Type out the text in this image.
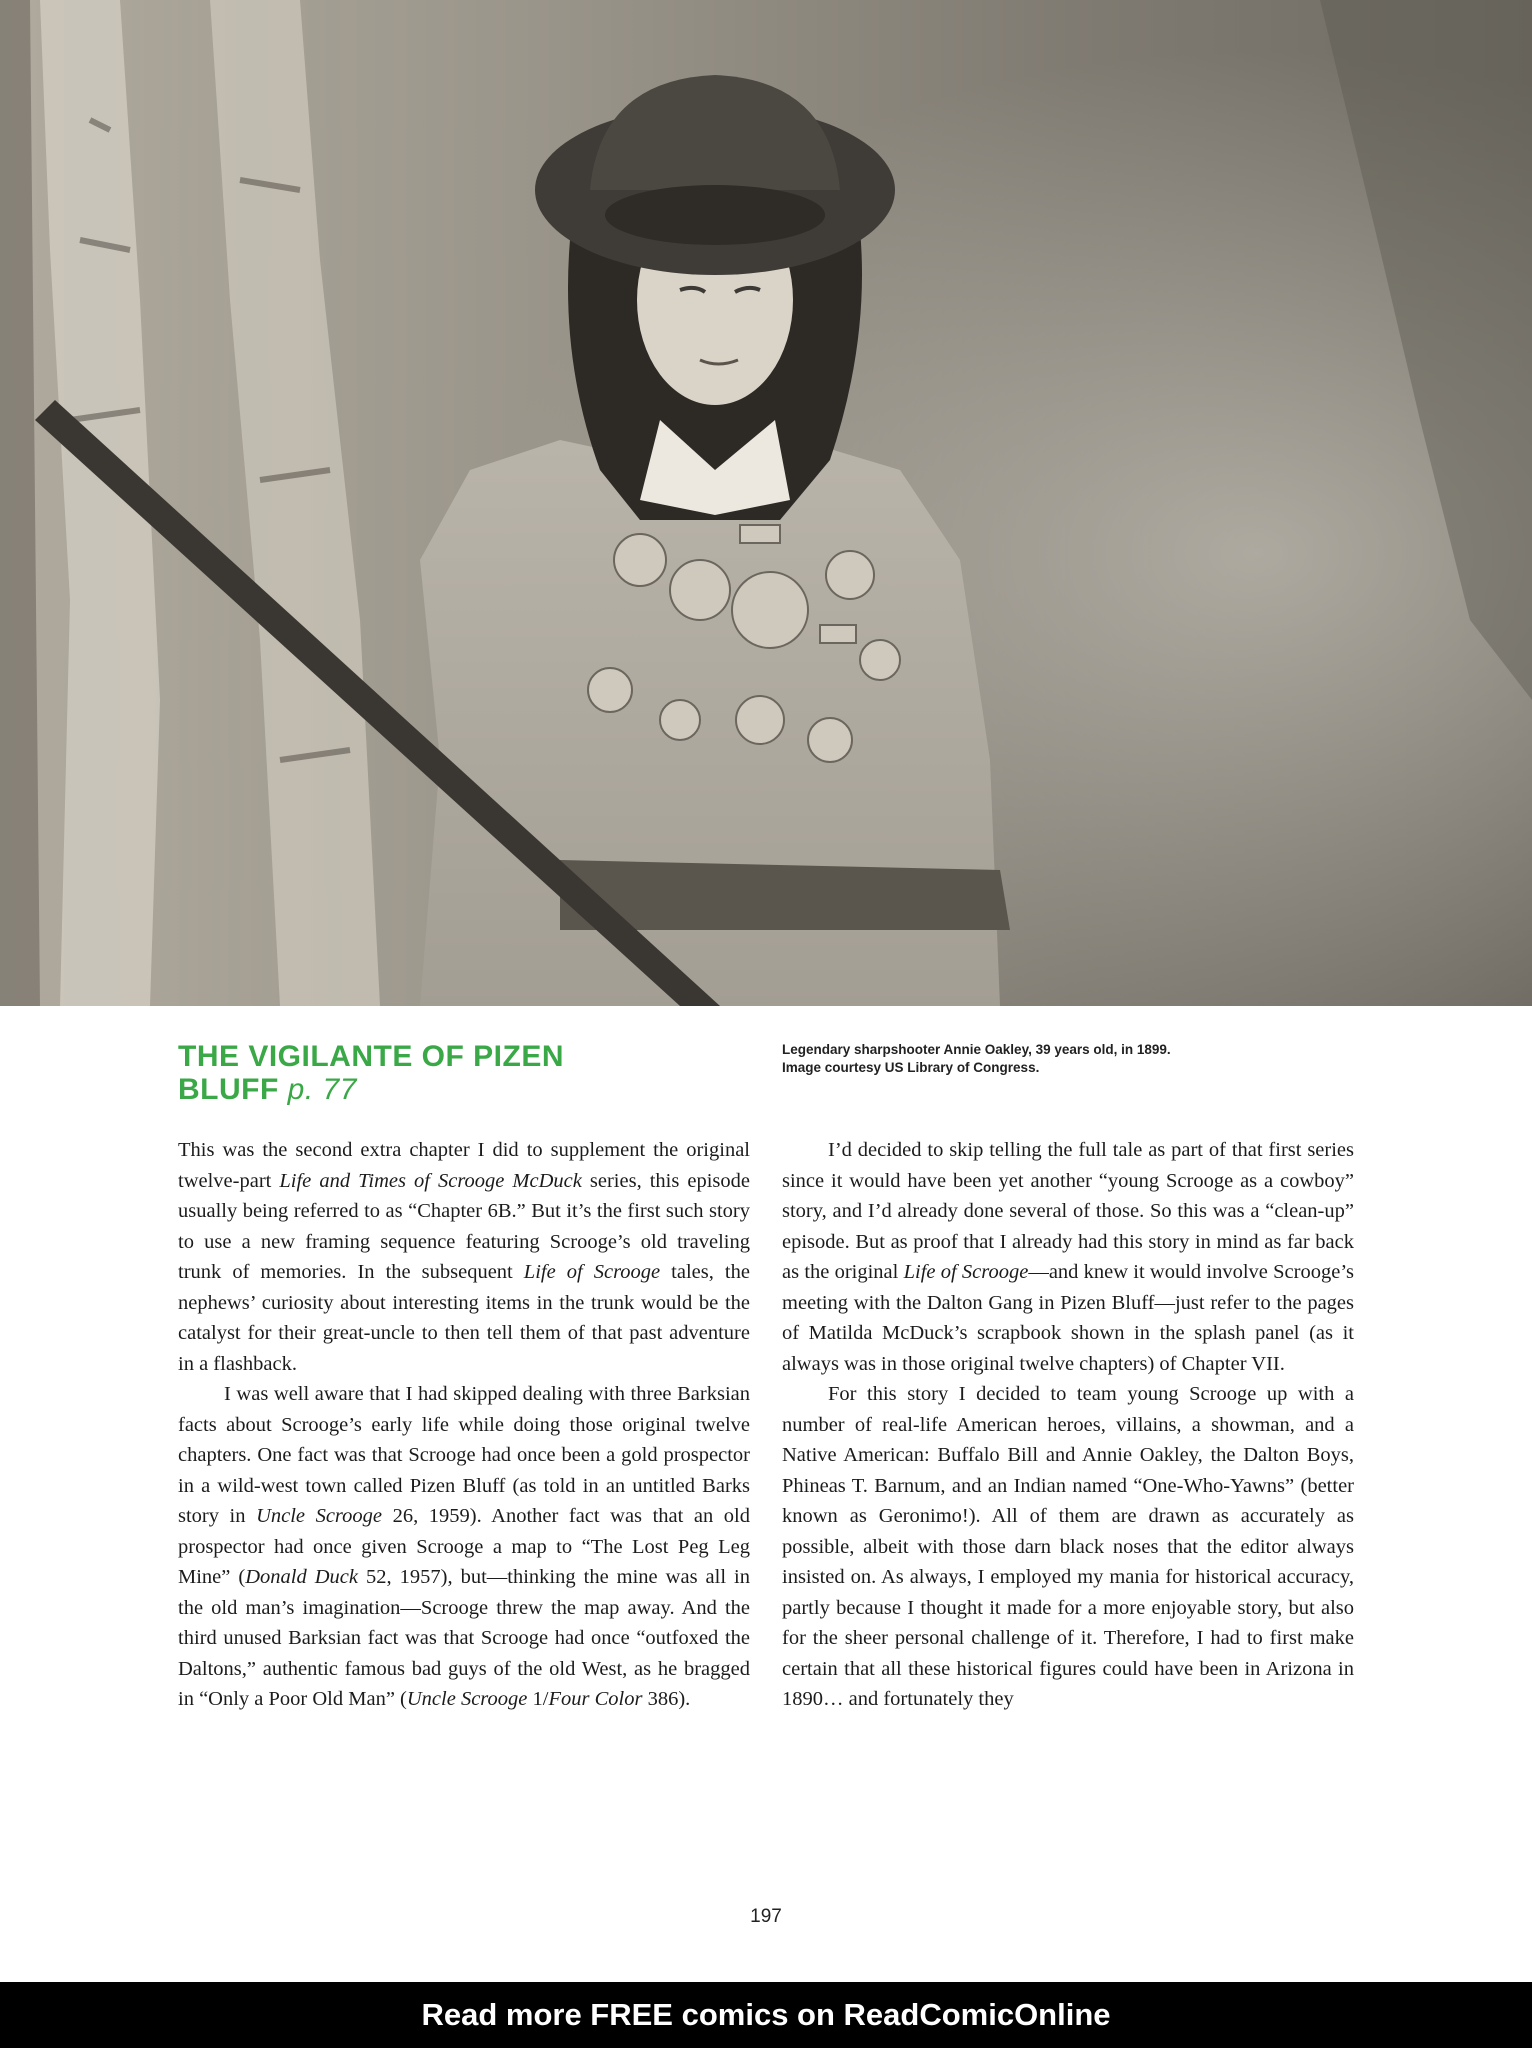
THE VIGILANTE OF PIZEN BLUFF p. 77
Legendary sharpshooter Annie Oakley, 39 years old, in 1899.
Image courtesy US Library of Congress.

This was the second extra chapter I did to supplement the original twelve-part Life and Times of Scrooge McDuck series, this episode usually being referred to as “Chapter 6B.” But it’s the first such story to use a new framing sequence featuring Scrooge’s old traveling trunk of memories. In the subsequent Life of Scrooge tales, the nephews’ curiosity about interesting items in the trunk would be the catalyst for their great-uncle to then tell them of that past adventure in a flashback.

I was well aware that I had skipped dealing with three Barksian facts about Scrooge’s early life while doing those original twelve chapters. One fact was that Scrooge had once been a gold prospector in a wild-west town called Pizen Bluff (as told in an untitled Barks story in Uncle Scrooge 26, 1959). Another fact was that an old prospector had once given Scrooge a map to “The Lost Peg Leg Mine” (Donald Duck 52, 1957), but—thinking the mine was all in the old man’s imagination—Scrooge threw the map away. And the third unused Barksian fact was that Scrooge had once “outfoxed the Daltons,” authentic famous bad guys of the old West, as he bragged in “Only a Poor Old Man” (Uncle Scrooge 1/Four Color 386).

I’d decided to skip telling the full tale as part of that first series since it would have been yet another “young Scrooge as a cowboy” story, and I’d already done several of those. So this was a “clean-up” episode. But as proof that I already had this story in mind as far back as the original Life of Scrooge—and knew it would involve Scrooge’s meeting with the Dalton Gang in Pizen Bluff—just refer to the pages of Matilda McDuck’s scrapbook shown in the splash panel (as it always was in those original twelve chapters) of Chapter VII.

For this story I decided to team young Scrooge up with a number of real-life American heroes, villains, a showman, and a Native American: Buffalo Bill and Annie Oakley, the Dalton Boys, Phineas T. Barnum, and an Indian named “One-Who-Yawns” (better known as Geronimo!). All of them are drawn as accurately as possible, albeit with those darn black noses that the editor always insisted on. As always, I employed my mania for historical accuracy, partly because I thought it made for a more enjoyable story, but also for the sheer personal challenge of it. Therefore, I had to first make certain that all these historical figures could have been in Arizona in 1890… and fortunately they

197
Read more FREE comics on ReadComicOnline
